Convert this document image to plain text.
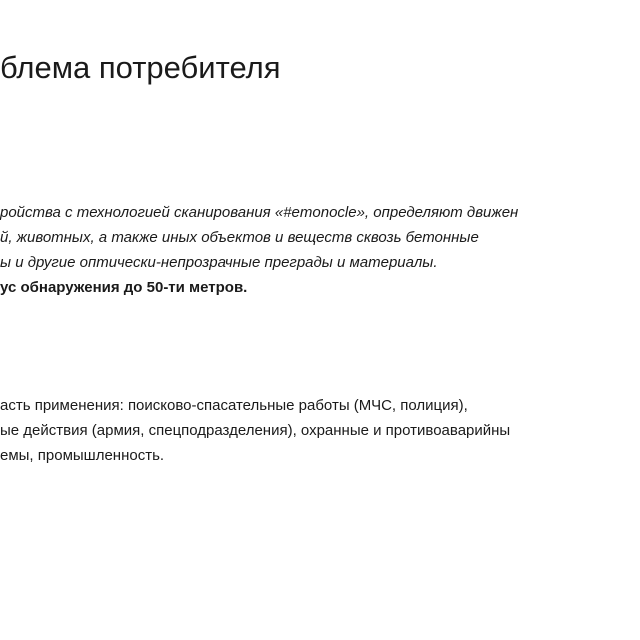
блема потребителя

ройства с технологией сканирования «#emonocle», определяют движен

й, животных, а также иных объектов и веществ сквозь бетонные

ы и другие оптически-непрозрачные преграды и материалы.

ус обнаружения до 50-ти метров.

асть применения: поисково-спасательные работы (МЧС, полиция),

ые действия (армия, спецподразделения), охранные и противоаварийны

емы, промышленность.
